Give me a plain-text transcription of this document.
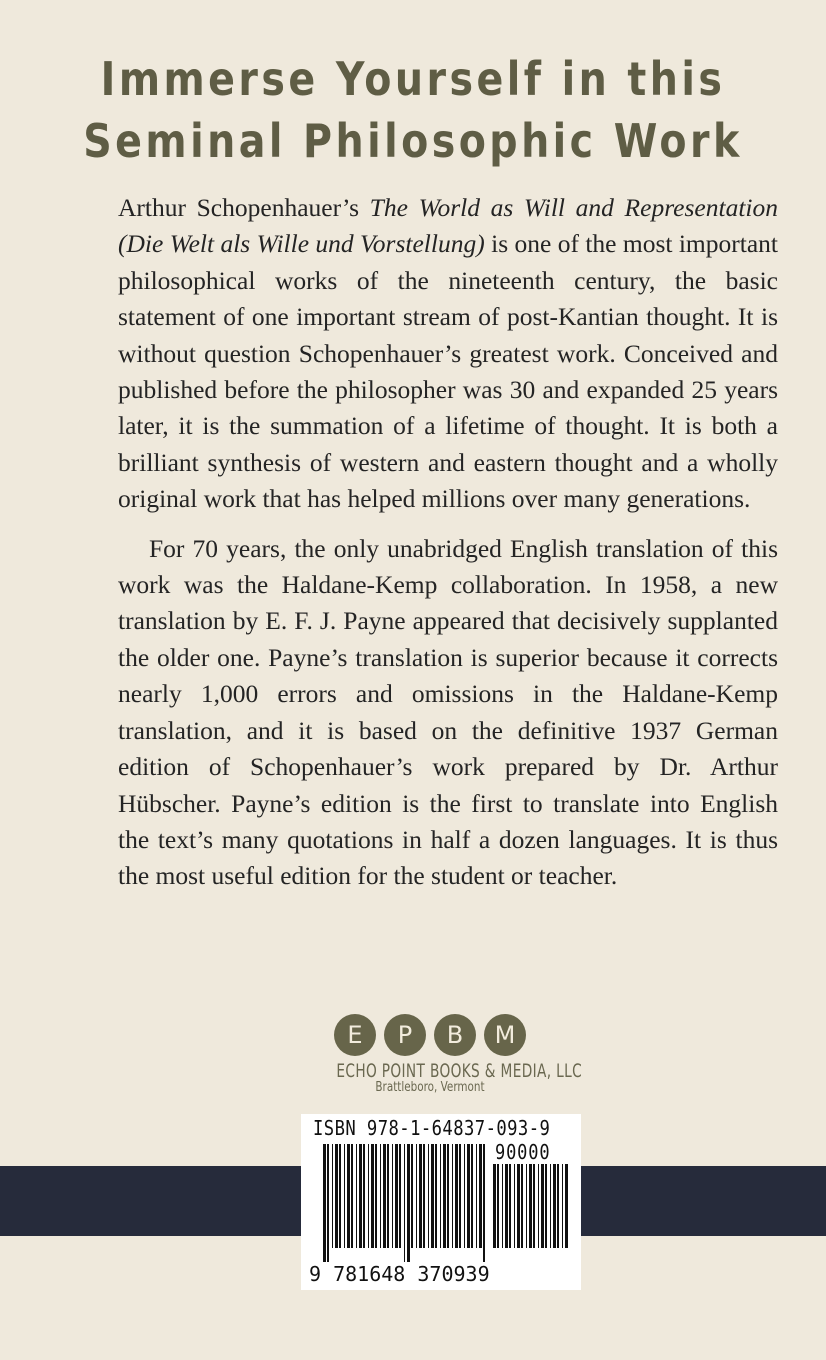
Immerse Yourself in this
Seminal Philosophic Work

Arthur Schopenhauer’s The World as Will and Representation (Die Welt als Wille und Vorstellung) is one of the most important philosophical works of the nineteenth century, the basic statement of one important stream of post-Kantian thought. It is without question Schopenhauer’s greatest work. Conceived and published before the philosopher was 30 and expanded 25 years later, it is the summation of a lifetime of thought. It is both a brilliant synthesis of western and eastern thought and a wholly original work that has helped millions over many generations.

For 70 years, the only unabridged English translation of this work was the Haldane-Kemp collaboration. In 1958, a new translation by E. F. J. Payne appeared that decisively supplanted the older one. Payne’s translation is superior because it corrects nearly 1,000 errors and omissions in the Haldane-Kemp translation, and it is based on the definitive 1937 German edition of Schopenhauer’s work prepared by Dr. Arthur Hübscher. Payne’s edition is the first to translate into English the text’s many quotations in half a dozen languages. It is thus the most useful edition for the student or teacher.

E	P	B	M
ECHO POINT BOOKS & MEDIA, LLC
Brattleboro, Vermont
ISBN 978-1-64837-093-9
90000
9 781648 370939
